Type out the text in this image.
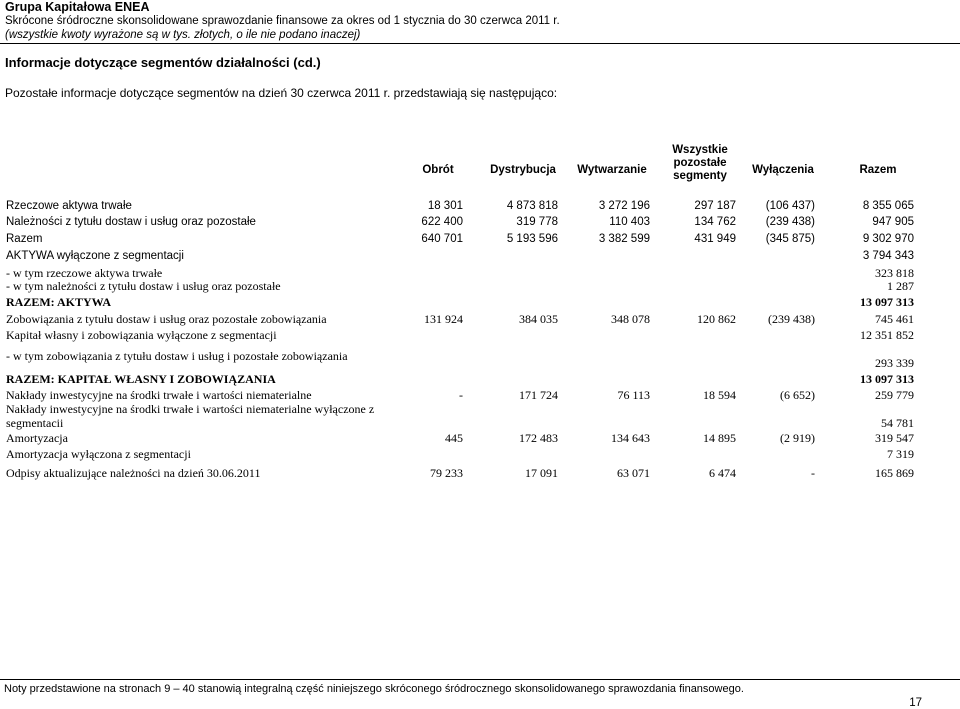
Grupa Kapitałowa ENEA
Skrócone śródroczne skonsolidowane sprawozdanie finansowe za okres od 1 stycznia do 30 czerwca 2011 r.
(wszystkie kwoty wyrażone są w tys. złotych, o ile nie podano inaczej)
Informacje dotyczące segmentów działalności (cd.)
Pozostałe informacje dotyczące segmentów na dzień 30 czerwca 2011 r. przedstawiają się następująco:
Obrót	Dystrybucja	Wytwarzanie
Wszystkie
pozostałe
segmenty	Wyłączenia	Razem
Rzeczowe aktywa trwałe	18 301	4 873 818	3 272 196	297 187	(106 437)	8 355 065
Należności z tytułu dostaw i usług oraz pozostałe	622 400	319 778	110 403	134 762	(239 438)	947 905
Razem	640 701	5 193 596	3 382 599	431 949	(345 875)	9 302 970
AKTYWA wyłączone z segmentacji	3 794 343
- w tym rzeczowe aktywa trwałe	323 818
- w tym należności z tytułu dostaw i usług oraz pozostałe	1 287
RAZEM: AKTYWA	13 097 313
Zobowiązania z tytułu dostaw i usług oraz pozostałe zobowiązania	131 924	384 035	348 078	120 862	(239 438)	745 461
Kapitał własny i zobowiązania wyłączone z segmentacji	12 351 852
- w tym zobowiązania z tytułu dostaw i usług i pozostałe zobowiązania	293 339
RAZEM: KAPITAŁ WŁASNY I ZOBOWIĄZANIA	13 097 313
Nakłady inwestycyjne na środki trwałe i wartości niematerialne	-	171 724	76 113	18 594	(6 652)	259 779
Nakłady inwestycyjne na środki trwałe i wartości niematerialne wyłączone z
segmentacii	54 781
Amortyzacja	445	172 483	134 643	14 895	(2 919)	319 547
Amortyzacja wyłączona z segmentacji	7 319
Odpisy aktualizujące należności na dzień 30.06.2011	79 233	17 091	63 071	6 474	-	165 869
Noty przedstawione na stronach 9 – 40 stanowią integralną część niniejszego skróconego śródrocznego skonsolidowanego sprawozdania finansowego.
17
